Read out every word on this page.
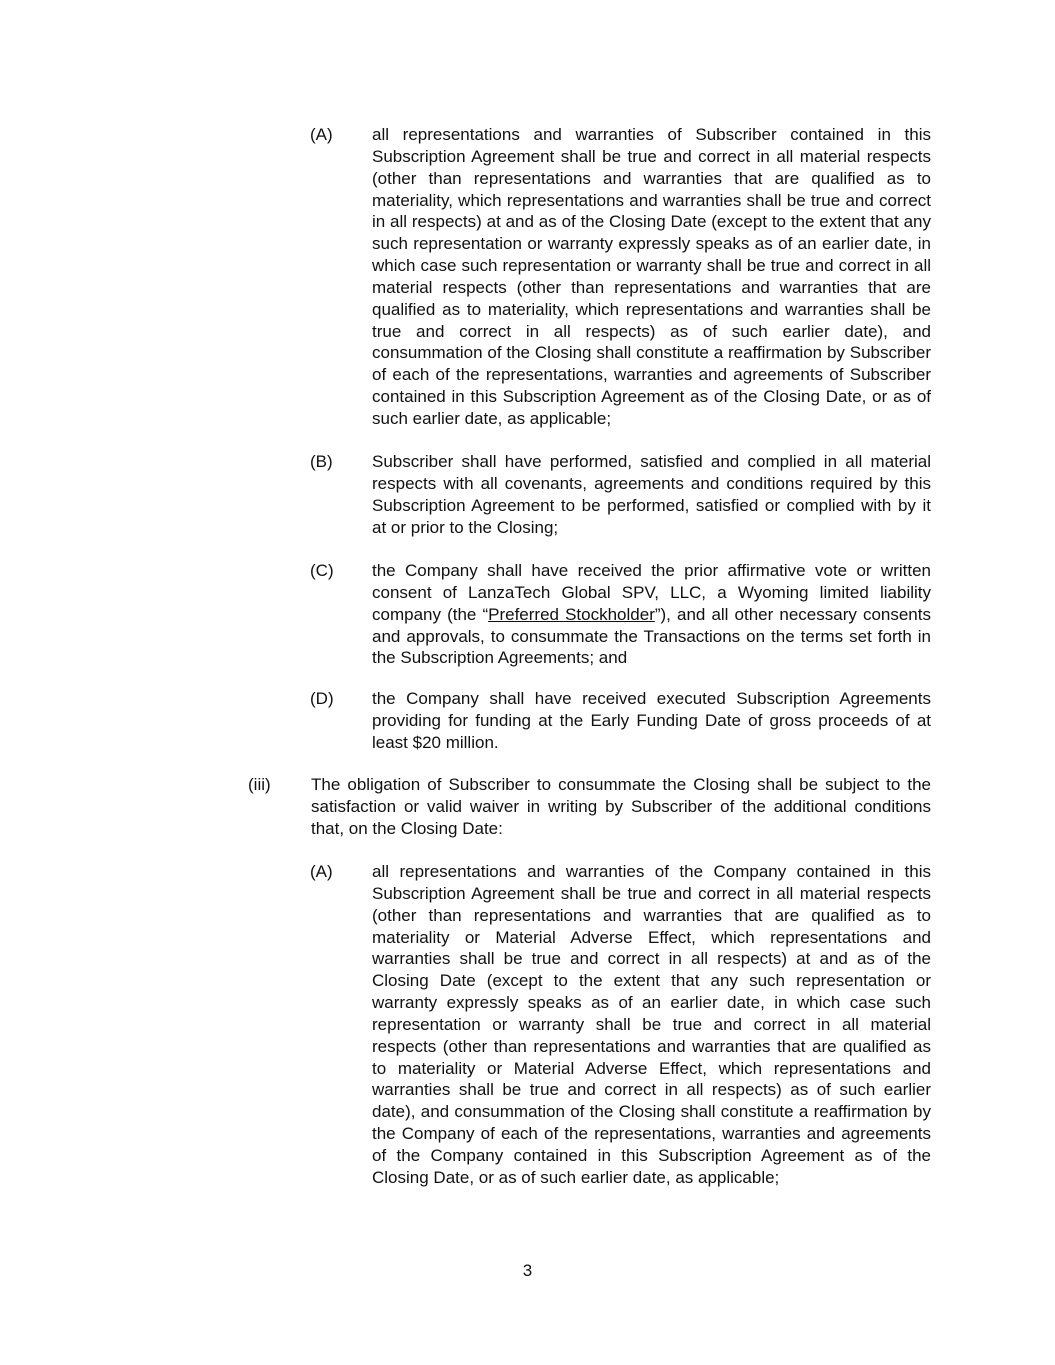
(A) all representations and warranties of Subscriber contained in this Subscription Agreement shall be true and correct in all material respects (other than representations and warranties that are qualified as to materiality, which representations and warranties shall be true and correct in all respects) at and as of the Closing Date (except to the extent that any such representation or warranty expressly speaks as of an earlier date, in which case such representation or warranty shall be true and correct in all material respects (other than representations and warranties that are qualified as to materiality, which representations and warranties shall be true and correct in all respects) as of such earlier date), and consummation of the Closing shall constitute a reaffirmation by Subscriber of each of the representations, warranties and agreements of Subscriber contained in this Subscription Agreement as of the Closing Date, or as of such earlier date, as applicable;

(B) Subscriber shall have performed, satisfied and complied in all material respects with all covenants, agreements and conditions required by this Subscription Agreement to be performed, satisfied or complied with by it at or prior to the Closing;

(C) the Company shall have received the prior affirmative vote or written consent of LanzaTech Global SPV, LLC, a Wyoming limited liability company (the “Preferred Stockholder”), and all other necessary consents and approvals, to consummate the Transactions on the terms set forth in the Subscription Agreements; and

(D) the Company shall have received executed Subscription Agreements providing for funding at the Early Funding Date of gross proceeds of at least $20 million.

(iii) The obligation of Subscriber to consummate the Closing shall be subject to the satisfaction or valid waiver in writing by Subscriber of the additional conditions that, on the Closing Date:

(A) all representations and warranties of the Company contained in this Subscription Agreement shall be true and correct in all material respects (other than representations and warranties that are qualified as to materiality or Material Adverse Effect, which representations and warranties shall be true and correct in all respects) at and as of the Closing Date (except to the extent that any such representation or warranty expressly speaks as of an earlier date, in which case such representation or warranty shall be true and correct in all material respects (other than representations and warranties that are qualified as to materiality or Material Adverse Effect, which representations and warranties shall be true and correct in all respects) as of such earlier date), and consummation of the Closing shall constitute a reaffirmation by the Company of each of the representations, warranties and agreements of the Company contained in this Subscription Agreement as of the Closing Date, or as of such earlier date, as applicable;

3
